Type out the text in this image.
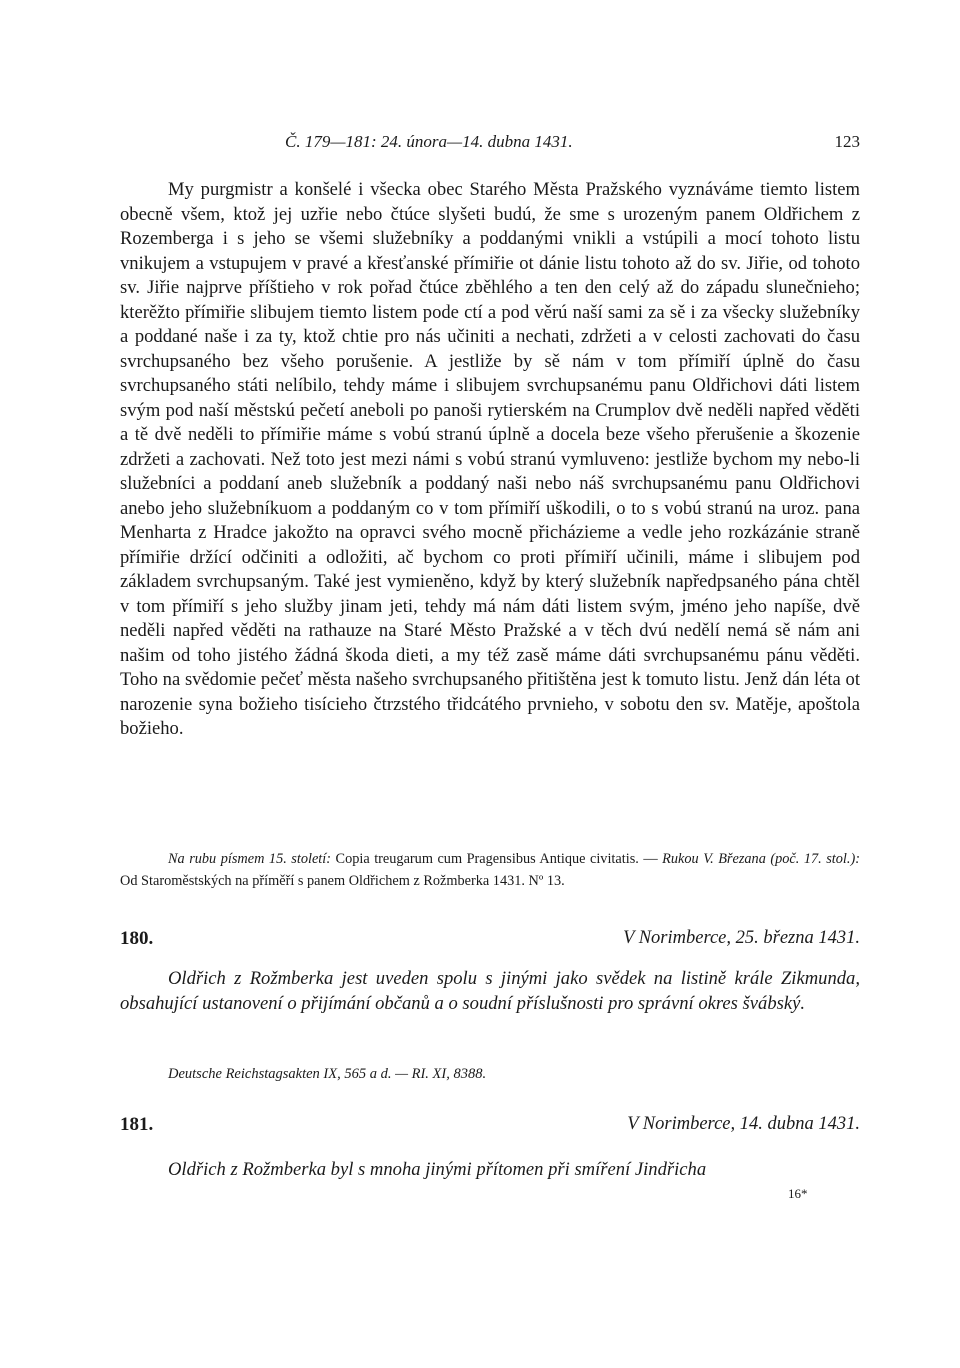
Č. 179—181: 24. února—14. dubna 1431.	123

My purgmistr a konšelé i všecka obec Starého Města Pražského vyznáváme tiemto listem obecně všem, ktož jej uzřie nebo čtúce slyšeti budú, že sme s urozeným panem Oldřichem z Rozemberga i s jeho se všemi služebníky a poddanými vnikli a vstúpili a mocí tohoto listu vnikujem a vstupujem v pravé a křesťanské přímiřie ot dánie listu tohoto až do sv. Jiřie, od tohoto sv. Jiřie najprve příštieho v rok pořad čtúce zběhlého a ten den celý až do západu slunečnieho; kterěžto přímiřie slibujem tiemto listem pode ctí a pod věrú naší sami za sě i za všecky služebníky a poddané naše i za ty, ktož chtie pro nás učiniti a nechati, zdržeti a v celosti zachovati do času svrchupsaného bez všeho porušenie. A jestliže by sě nám v tom přímiří úplně do času svrchupsaného státi nelíbilo, tehdy máme i slibujem svrchupsanému panu Oldřichovi dáti listem svým pod naší městskú pečetí aneboli po panoši rytierském na Crumplov dvě neděli napřed věděti a tě dvě neděli to přímiřie máme s vobú stranú úplně a docela beze všeho přerušenie a škozenie zdržeti a zachovati. Než toto jest mezi námi s vobú stranú vymluveno: jestliže bychom my nebo-li služebníci a poddaní aneb služebník a poddaný naši nebo náš svrchupsanému panu Oldřichovi anebo jeho služebníkuom a poddaným co v tom přímiří uškodili, o to s vobú stranú na uroz. pana Menharta z Hradce jakožto na opravci svého mocně přicházieme a vedle jeho rozkázánie straně přímiřie držící odčiniti a odložiti, ač bychom co proti přímiří učinili, máme i slibujem pod základem svrchupsaným. Také jest vymieněno, když by který služebník napředpsaného pána chtěl v tom přímiří s jeho služby jinam jeti, tehdy má nám dáti listem svým, jméno jeho napíše, dvě neděli napřed věděti na rathauze na Staré Město Pražské a v těch dvú nedělí nemá sě nám ani našim od toho jistého žádná škoda dieti, a my též zasě máme dáti svrchupsanému pánu věděti. Toho na svědomie pečeť města našeho svrchupsaného přitištěna jest k tomuto listu. Jenž dán léta ot narozenie syna božieho tisícieho čtrzstého třidcátého prvnieho, v sobotu den sv. Matěje, apoštola božieho.

Na rubu písmem 15. století: Copia treugarum cum Pragensibus Antique civitatis. — Rukou V. Březana (poč. 17. stol.): Od Staroměstských na příměří s panem Oldřichem z Rožmberka 1431. Nº 13.

180.	V Norimberce, 25. března 1431.

Oldřich z Rožmberka jest uveden spolu s jinými jako svědek na listině krále Zikmunda, obsahující ustanovení o přijímání občanů a o soudní příslušnosti pro správní okres švábský.

Deutsche Reichstagsakten IX, 565 a d. — RI. XI, 8388.
181.	V Norimberce, 14. dubna 1431.

Oldřich z Rožmberka byl s mnoha jinými přítomen při smíření Jindřicha

16*
